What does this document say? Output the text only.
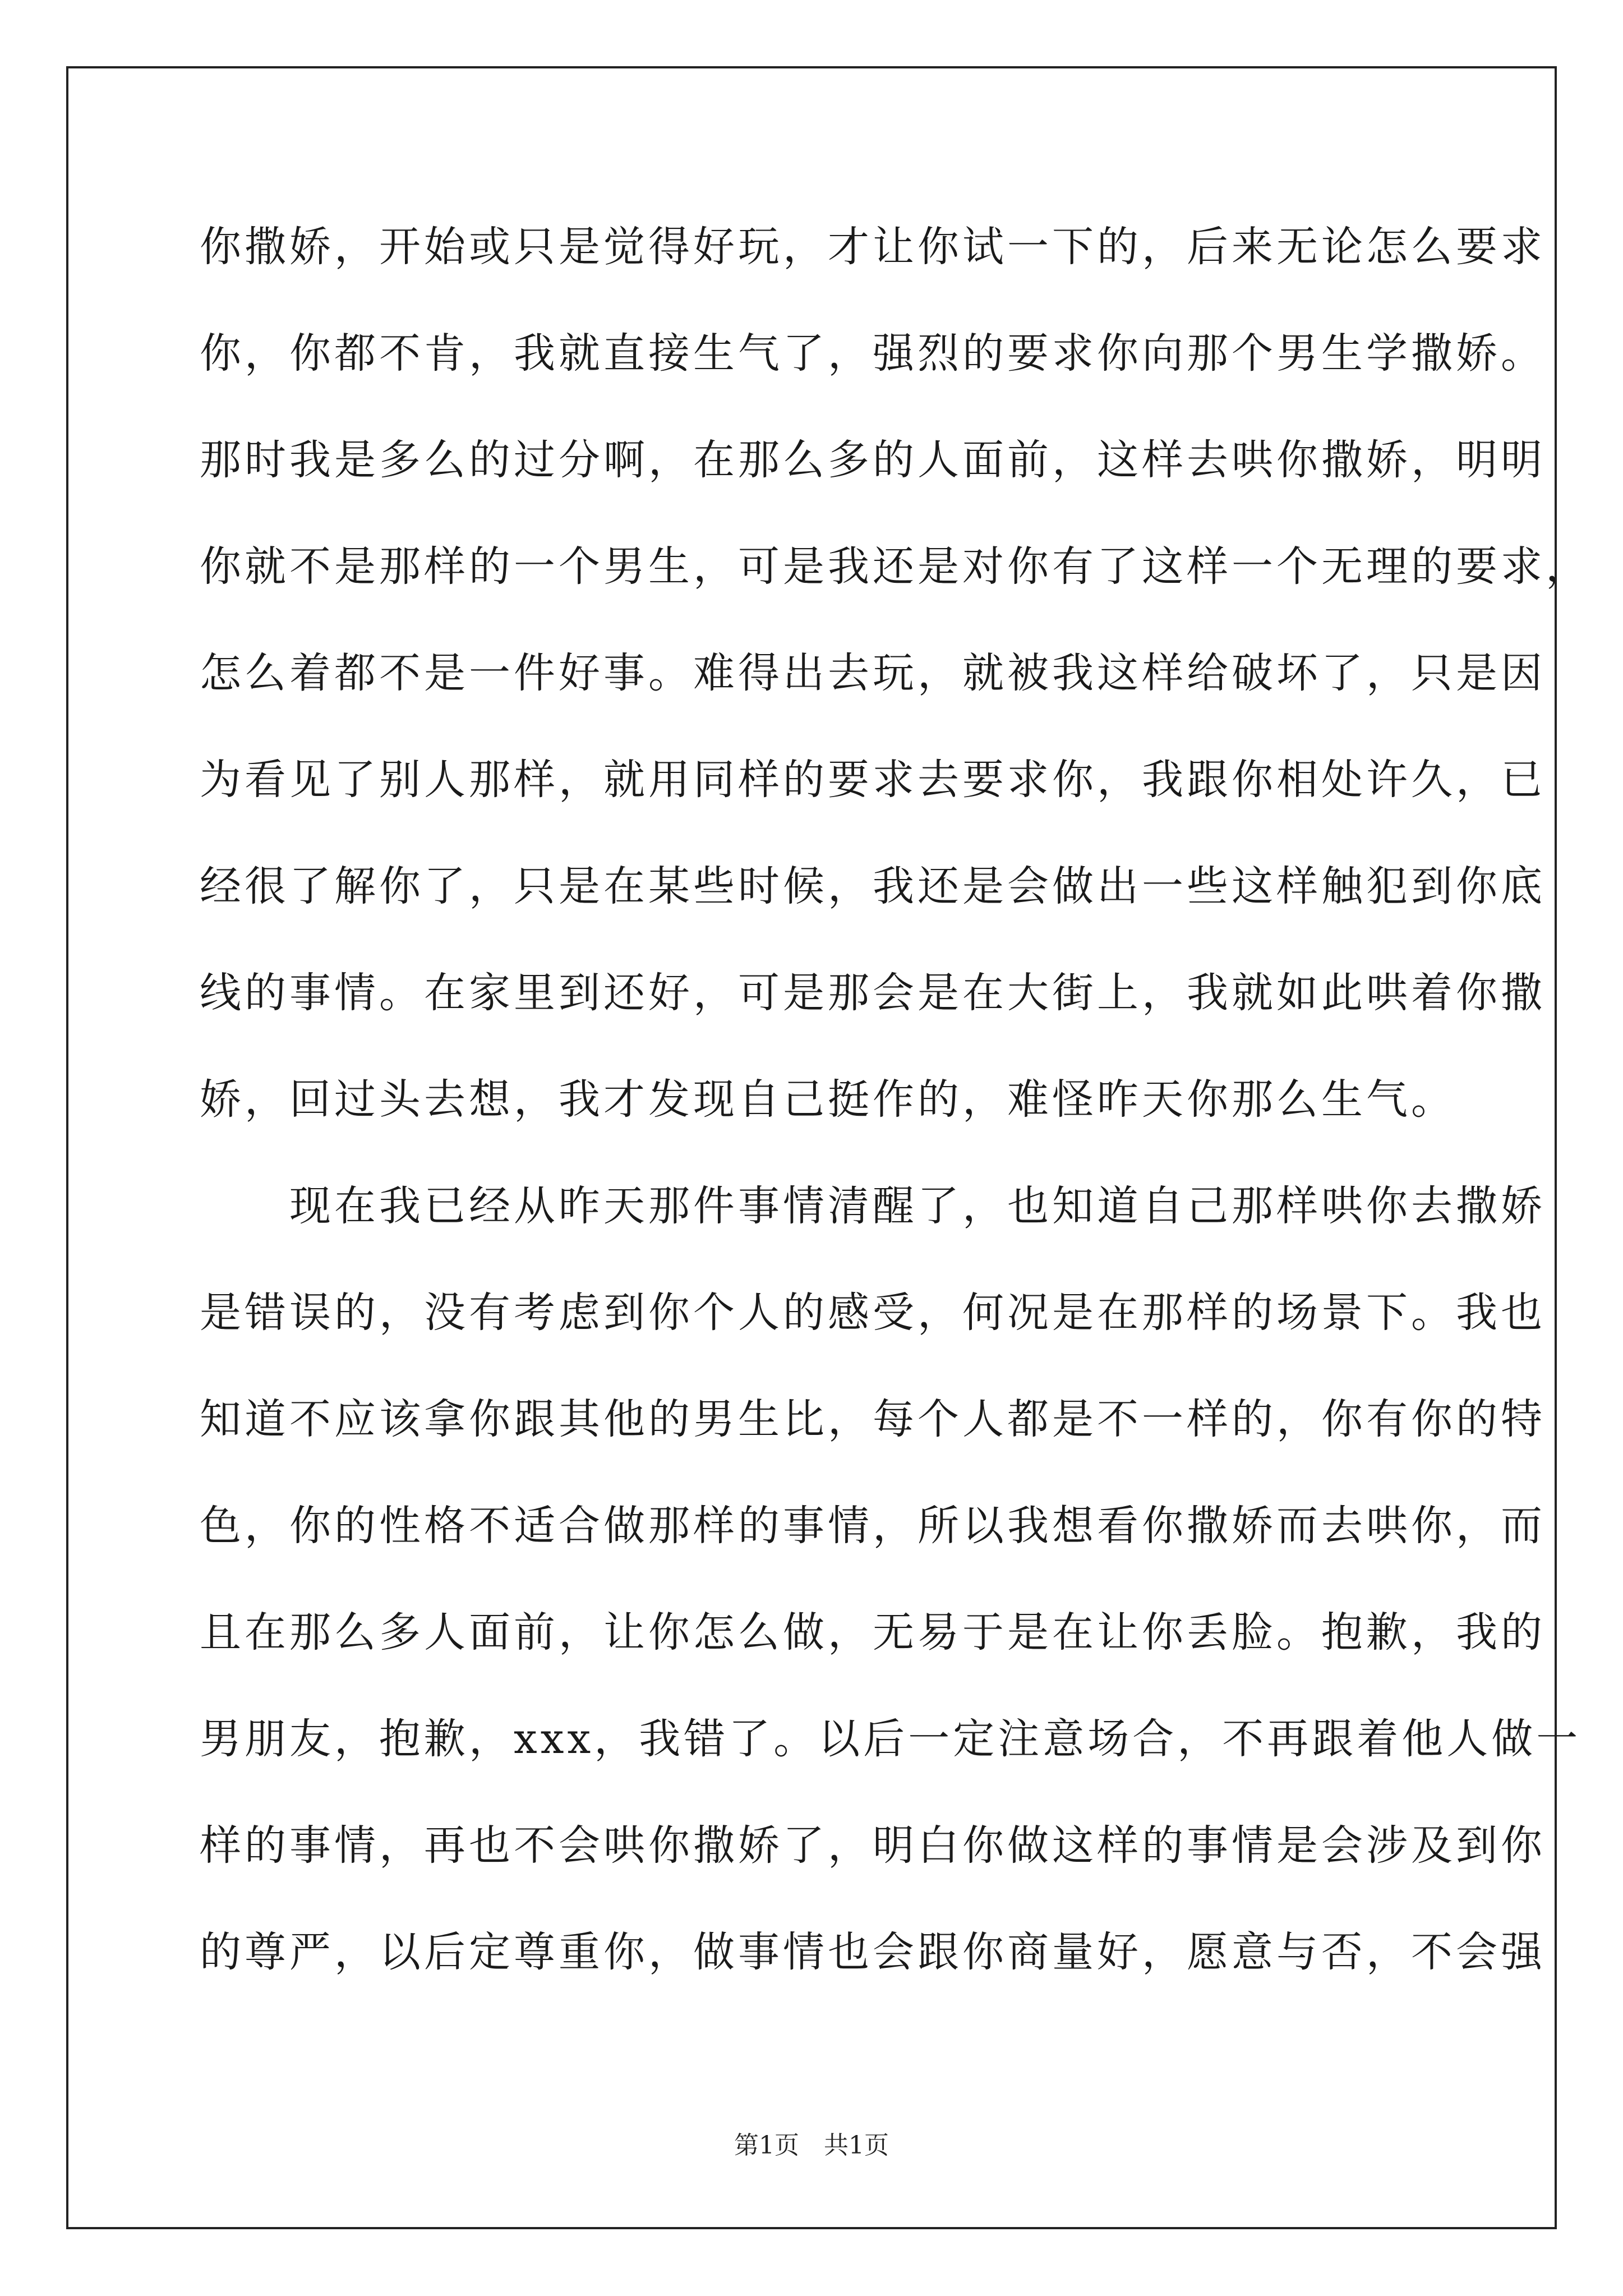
你撒娇，开始或只是觉得好玩，才让你试一下的，后来无论怎么要求
你，你都不肯，我就直接生气了，强烈的要求你向那个男生学撒娇。
那时我是多么的过分啊，在那么多的人面前，这样去哄你撒娇，明明
你就不是那样的一个男生，可是我还是对你有了这样一个无理的要求，
怎么着都不是一件好事。难得出去玩，就被我这样给破坏了，只是因
为看见了别人那样，就用同样的要求去要求你，我跟你相处许久，已
经很了解你了，只是在某些时候，我还是会做出一些这样触犯到你底
线的事情。在家里到还好，可是那会是在大街上，我就如此哄着你撒
娇，回过头去想，我才发现自己挺作的，难怪昨天你那么生气。
　　现在我已经从昨天那件事情清醒了，也知道自己那样哄你去撒娇
是错误的，没有考虑到你个人的感受，何况是在那样的场景下。我也
知道不应该拿你跟其他的男生比，每个人都是不一样的，你有你的特
色，你的性格不适合做那样的事情，所以我想看你撒娇而去哄你，而
且在那么多人面前，让你怎么做，无易于是在让你丢脸。抱歉，我的
男朋友，抱歉，xxx，我错了。以后一定注意场合，不再跟着他人做一
样的事情，再也不会哄你撒娇了，明白你做这样的事情是会涉及到你
的尊严，以后定尊重你，做事情也会跟你商量好，愿意与否，不会强
第1页　共1页
